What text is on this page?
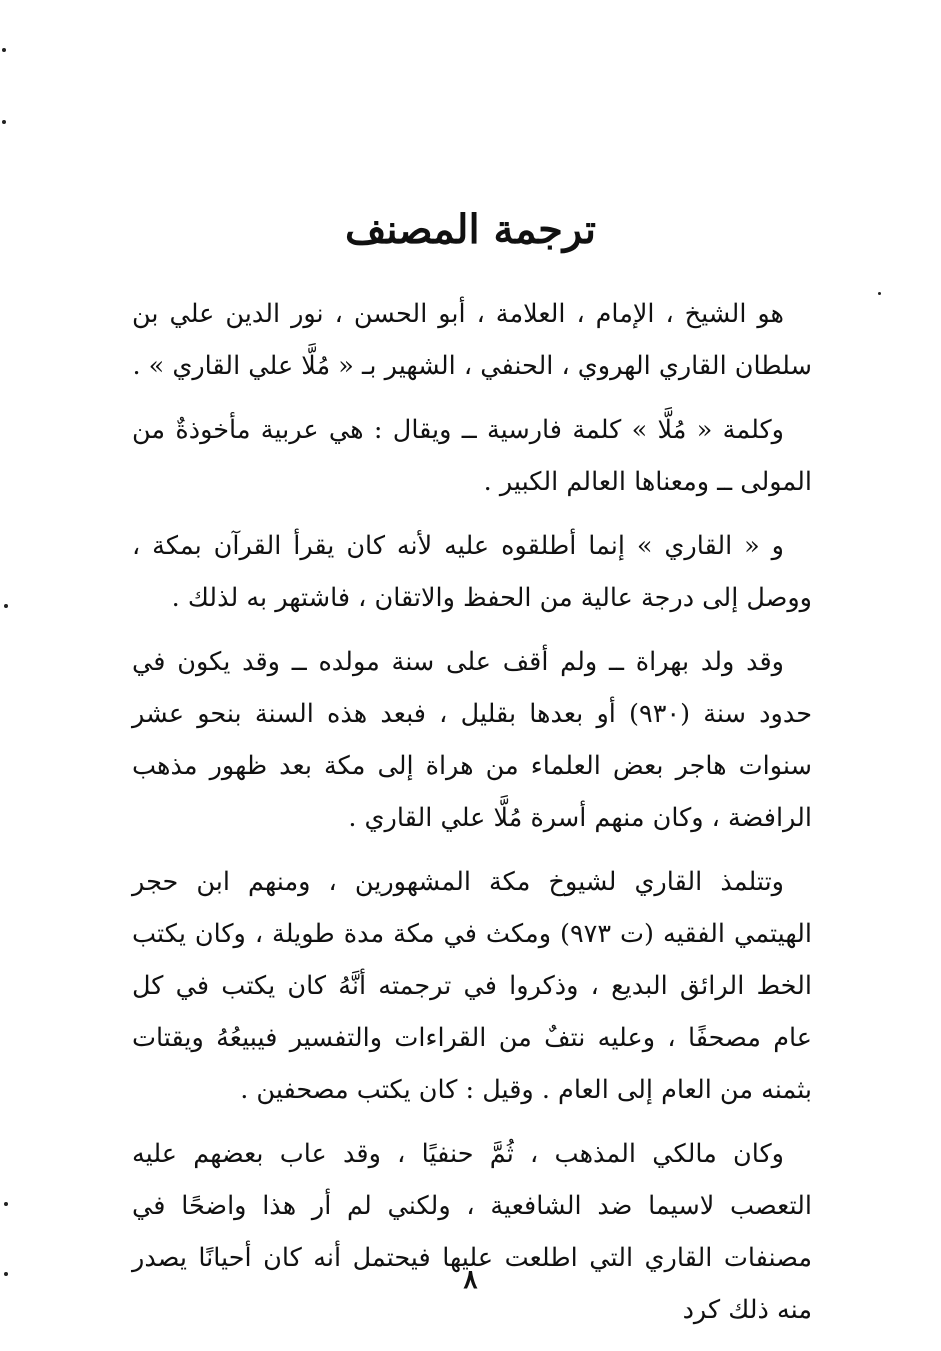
ترجمة المصنف

هو الشيخ ، الإمام ، العلامة ، أبو الحسن ، نور الدين علي بن سلطان القاري الهروي ، الحنفي ، الشهير بـ « مُلَّا علي القاري » .

وكلمة « مُلَّا » كلمة فارسية ــ ويقال : هي عربية مأخوذةٌ من المولى ــ ومعناها العالم الكبير .

و « القاري » إنما أطلقوه عليه لأنه كان يقرأ القرآن بمكة ، ووصل إلى درجة عالية من الحفظ والاتقان ، فاشتهر به لذلك .

وقد ولد بهراة ــ ولم أقف على سنة مولده ــ وقد يكون في حدود سنة (٩٣٠) أو بعدها بقليل ، فبعد هذه السنة بنحو عشر سنوات هاجر بعض العلماء من هراة إلى مكة بعد ظهور مذهب الرافضة ، وكان منهم أسرة مُلَّا علي القاري .

وتتلمذ القاري لشيوخ مكة المشهورين ، ومنهم ابن حجر الهيتمي الفقيه (ت ٩٧٣) ومكث في مكة مدة طويلة ، وكان يكتب الخط الرائق البديع ، وذكروا في ترجمته أنَّهُ كان يكتب في كل عام مصحفًا ، وعليه نتفٌ من القراءات والتفسير فيبيعُهُ ويقتات بثمنه من العام إلى العام . وقيل : كان يكتب مصحفين .

وكان مالكي المذهب ، ثُمَّ حنفيًا ، وقد عاب بعضهم عليه التعصب لاسيما ضد الشافعية ، ولكني لم أر هذا واضحًا في مصنفات القاري التي اطلعت عليها فيحتمل أنه كان أحيانًا يصدر منه ذلك كرد

٨
